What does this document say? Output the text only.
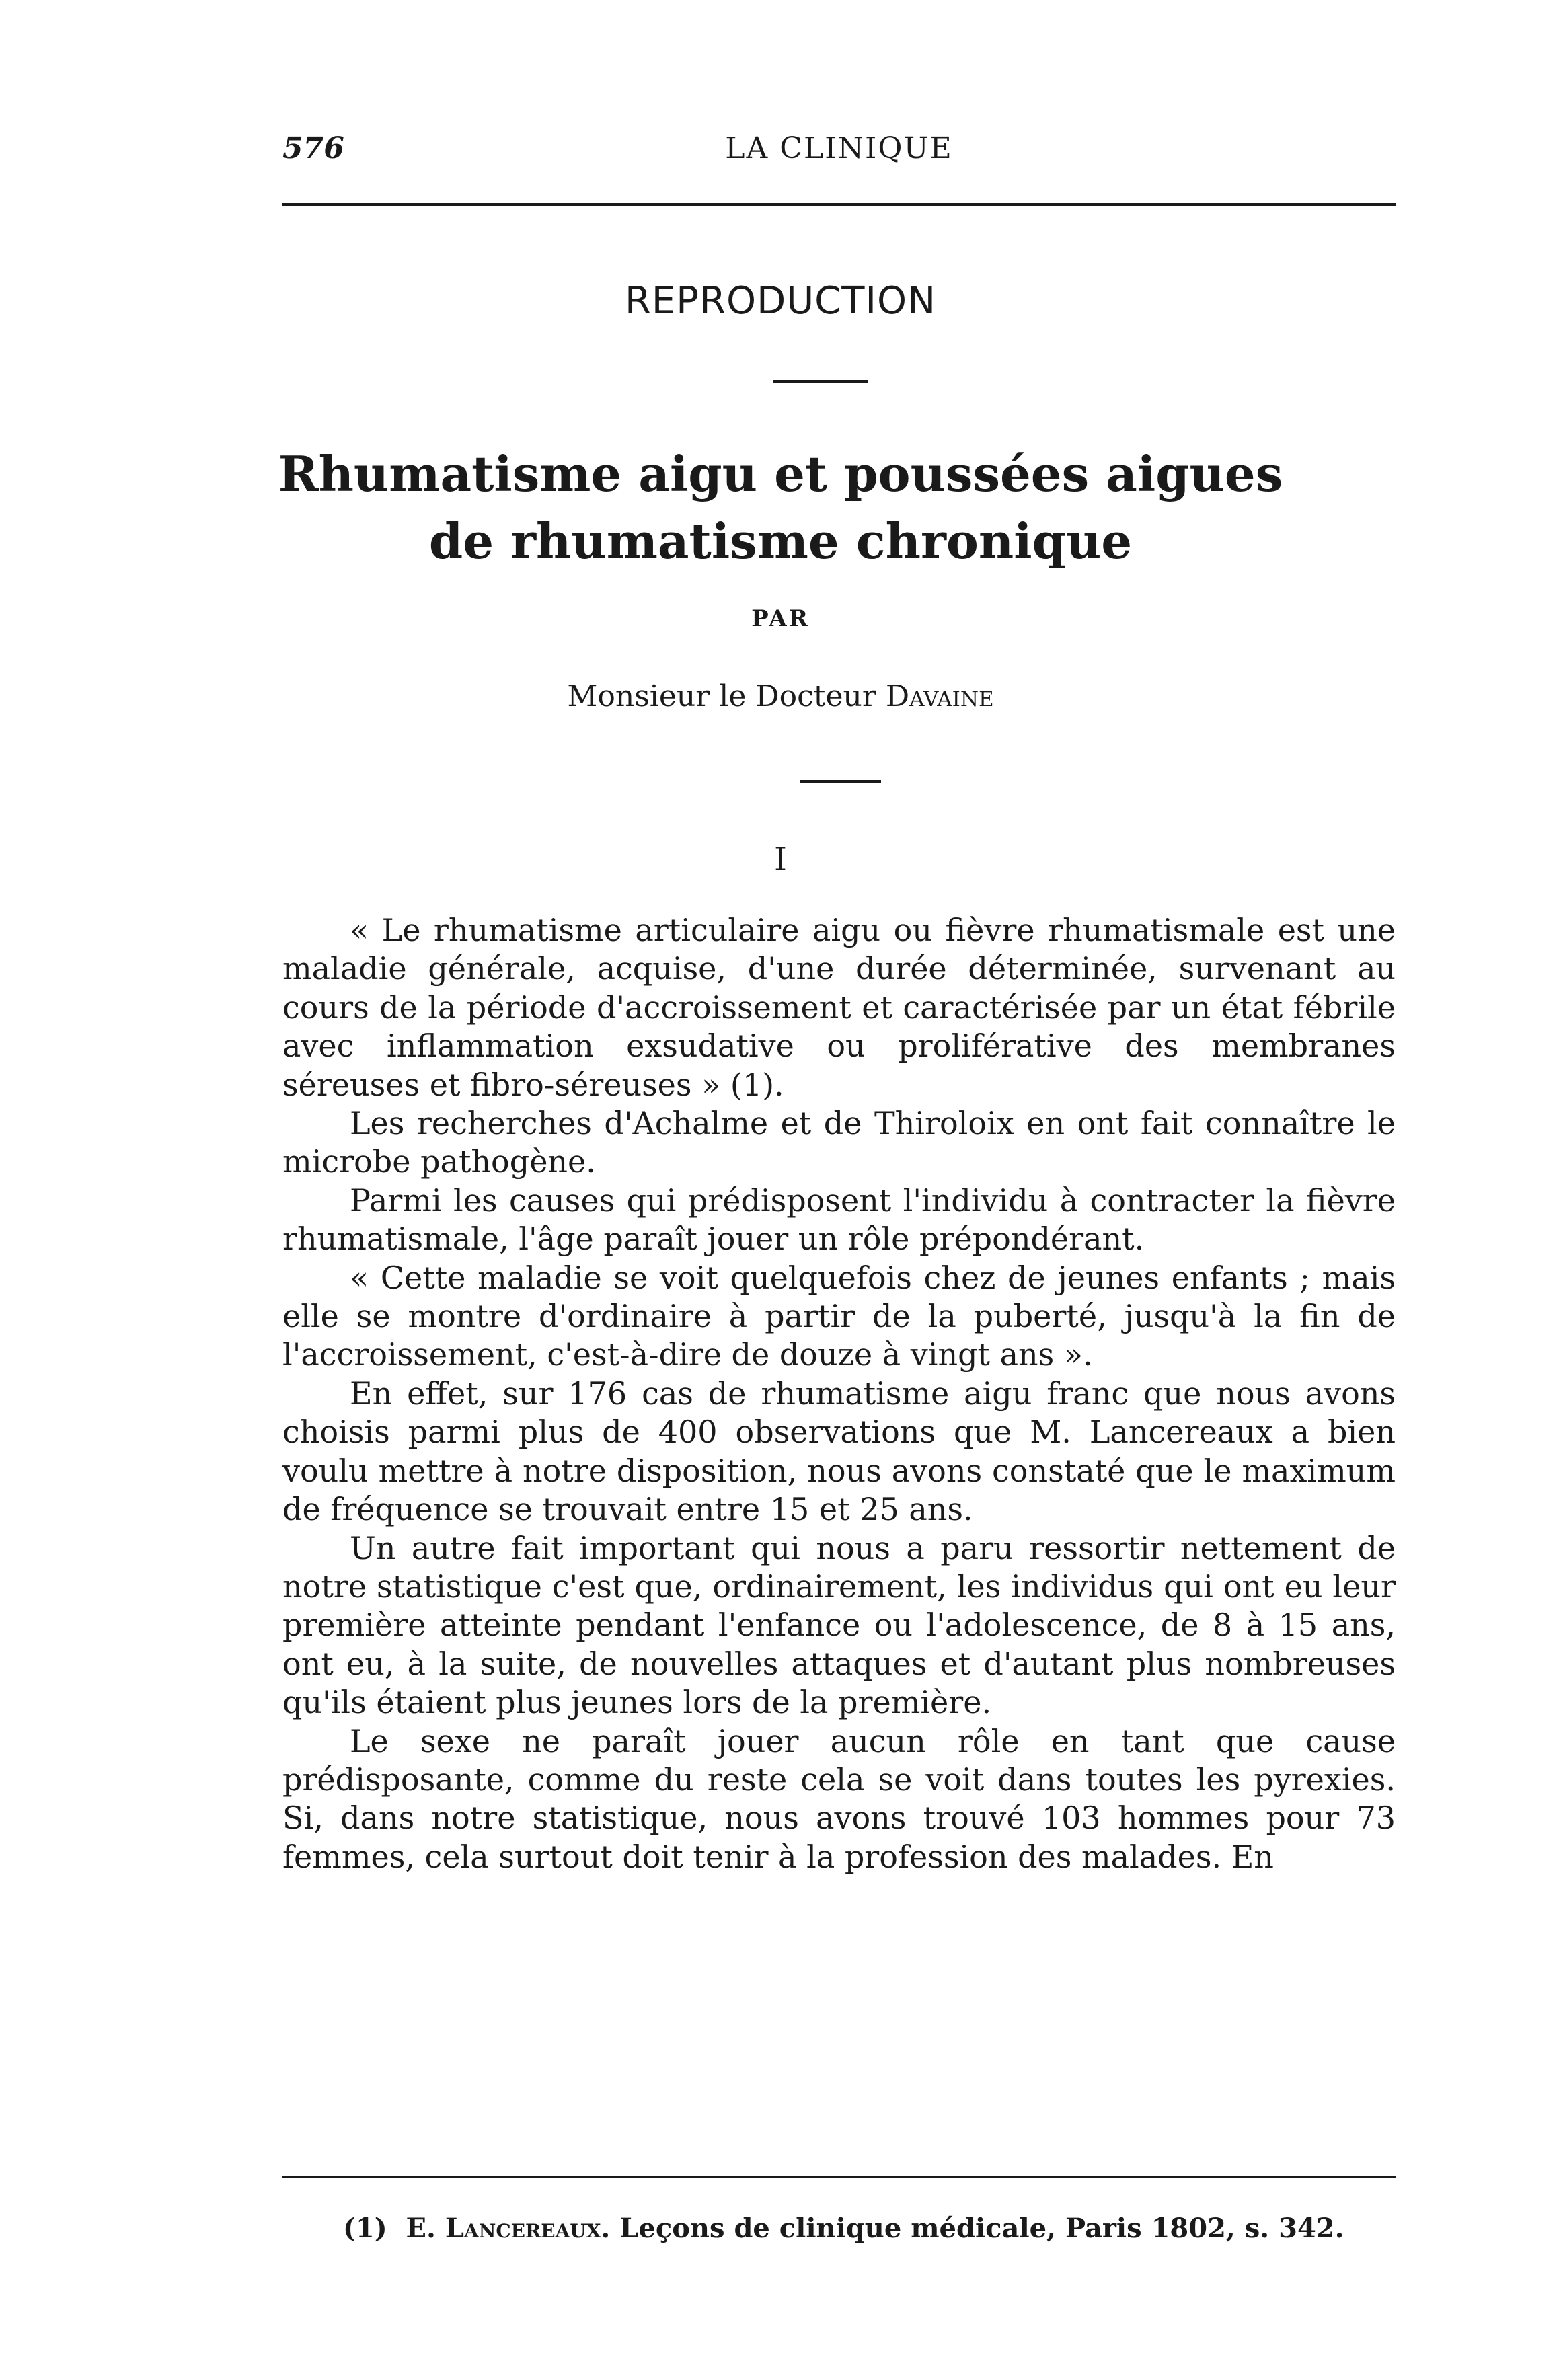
576	LA CLINIQUE
REPRODUCTION
Rhumatisme aigu et poussées aigues
de rhumatisme chronique
PAR
Monsieur le Docteur Davaine
I

« Le rhumatisme articulaire aigu ou fièvre rhumatismale est une maladie générale, acquise, d'une durée déterminée, survenant au cours de la période d'accroissement et caractérisée par un état fébrile avec inflammation exsudative ou proliférative des membranes séreuses et fibro-séreuses » (1).

Les recherches d'Achalme et de Thiroloix en ont fait connaître le microbe pathogène.

Parmi les causes qui prédisposent l'individu à contracter la fièvre rhumatismale, l'âge paraît jouer un rôle prépondérant.

« Cette maladie se voit quelquefois chez de jeunes enfants ; mais elle se montre d'ordinaire à partir de la puberté, jusqu'à la fin de l'accroissement, c'est-à-dire de douze à vingt ans ».

En effet, sur 176 cas de rhumatisme aigu franc que nous avons choisis parmi plus de 400 observations que M. Lancereaux a bien voulu mettre à notre disposition, nous avons constaté que le maximum de fréquence se trouvait entre 15 et 25 ans.

Un autre fait important qui nous a paru ressortir nettement de notre statistique c'est que, ordinairement, les individus qui ont eu leur première atteinte pendant l'enfance ou l'adolescence, de 8 à 15 ans, ont eu, à la suite, de nouvelles attaques et d'autant plus nombreuses qu'ils étaient plus jeunes lors de la première.

Le sexe ne paraît jouer aucun rôle en tant que cause prédisposante, comme du reste cela se voit dans toutes les pyrexies. Si, dans notre statistique, nous avons trouvé 103 hommes pour 73 femmes, cela surtout doit tenir à la profession des malades. En

(1) E. Lancereaux. Leçons de clinique médicale, Paris 1802, s. 342.
